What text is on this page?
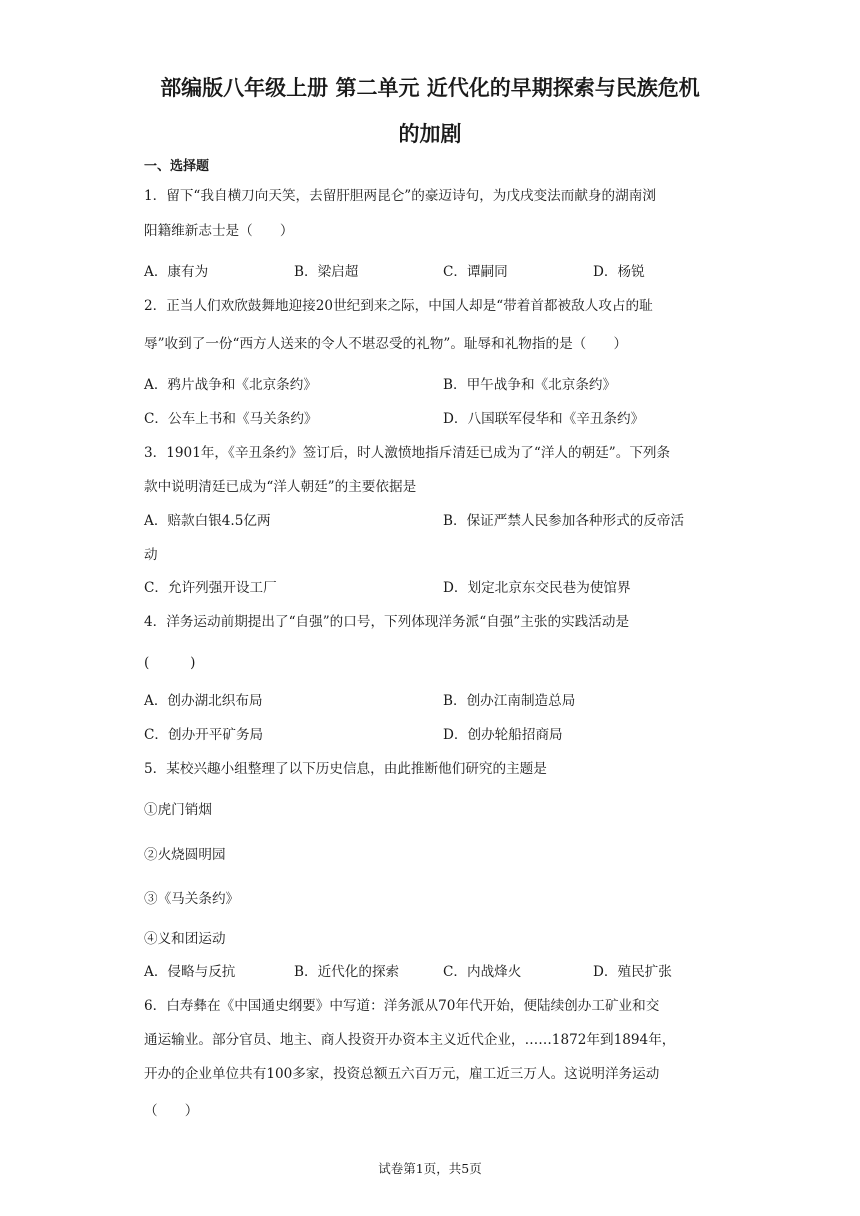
部编版八年级上册 第二单元 近代化的早期探索与民族危机
的加剧
一、选择题
1．留下“我自横刀向天笑，去留肝胆两昆仑”的豪迈诗句，为戊戌变法而献身的湖南浏
阳籍维新志士是（　　）
A．康有为	B．梁启超	C．谭嗣同	D．杨锐
2．正当人们欢欣鼓舞地迎接20世纪到来之际，中国人却是“带着首都被敌人攻占的耻
辱”收到了一份“西方人送来的令人不堪忍受的礼物”。耻辱和礼物指的是（　　）
A．鸦片战争和《北京条约》	B．甲午战争和《北京条约》
C．公车上书和《马关条约》	D．八国联军侵华和《辛丑条约》
3．1901年，《辛丑条约》签订后，时人激愤地指斥清廷已成为了“洋人的朝廷”。下列条
款中说明清廷已成为“洋人朝廷”的主要依据是
A．赔款白银4.5亿两	B．保证严禁人民参加各种形式的反帝活
动
C．允许列强开设工厂	D．划定北京东交民巷为使馆界
4．洋务运动前期提出了“自强”的口号，下列体现洋务派“自强”主张的实践活动是
(　　　)
A．创办湖北织布局	B．创办江南制造总局
C．创办开平矿务局	D．创办轮船招商局
5．某校兴趣小组整理了以下历史信息，由此推断他们研究的主题是
①虎门销烟
②火烧圆明园
③《马关条约》
④义和团运动
A．侵略与反抗	B．近代化的探索	C．内战烽火	D．殖民扩张
6．白寿彝在《中国通史纲要》中写道：洋务派从70年代开始，便陆续创办工矿业和交
通运输业。部分官员、地主、商人投资开办资本主义近代企业，……1872年到1894年，
开办的企业单位共有100多家，投资总额五六百万元，雇工近三万人。这说明洋务运动
（　　）
试卷第1页，共5页
